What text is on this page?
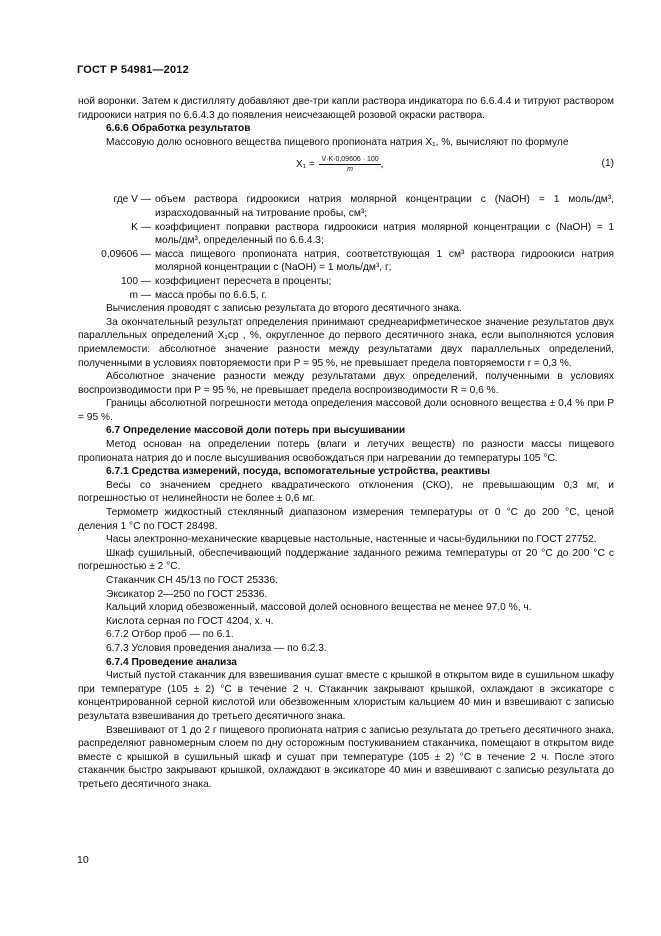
ГОСТ Р 54981—2012

ной воронки. Затем к дистилляту добавляют две-три капли раствора индикатора по 6.6.4.4 и титруют раствором гидроокиси натрия по 6.6.4.3 до появления неисчезающей розовой окраски раствора.

6.6.6 Обработка результатов

Массовую долю основного вещества пищевого пропионата натрия X₁, %, вычисляют по формуле

$X_1 = \frac{V\cdot K\cdot 0,09606 \cdot 100}{m}$ ,	(1)
где V — объем раствора гидроокиси натрия молярной концентрации c (NaOH) = 1 моль/дм³, израсходованный на титрование пробы, см³;
K — коэффициент поправки раствора гидроокиси натрия молярной концентрации c (NaOH) = 1 моль/дм³, определенный по 6.6.4.3;
0,09606 — масса пищевого пропионата натрия, соответствующая 1 см³ раствора гидроокиси натрия молярной концентрации c (NaOH) = 1 моль/дм³, г;
100 — коэффициент пересчета в проценты;
m — масса пробы по 6.6.5, г.

Вычисления проводят с записью результата до второго десятичного знака.

За окончательный результат определения принимают среднеарифметическое значение результатов двух параллельных определений X₁ср , %, округленное до первого десятичного знака, если выполняются условия приемлемости: абсолютное значение разности между результатами двух параллельных определений, полученными в условиях повторяемости при P = 95 %, не превышает предела повторяемости r = 0,3 %.

Абсолютное значение разности между результатами двух определений, полученными в условиях воспроизводимости при P = 95 %, не превышает предела воспроизводимости R = 0,6 %.

Границы абсолютной погрешности метода определения массовой доли основного вещества ± 0,4 % при P = 95 %.

6.7 Определение массовой доли потерь при высушивании

Метод основан на определении потерь (влаги и летучих веществ) по разности массы пищевого пропионата натрия до и после высушивания освобождаться при нагревании до температуры 105 °С.

6.7.1 Средства измерений, посуда, вспомогательные устройства, реактивы

Весы со значением среднего квадратического отклонения (СКО), не превышающим 0,3 мг, и погрешностью от нелинейности не более ± 0,6 мг.

Термометр жидкостный стеклянный диапазоном измерения температуры от 0 °С до 200 °С, ценой деления 1 °С по ГОСТ 28498.

Часы электронно-механические кварцевые настольные, настенные и часы-будильники по ГОСТ 27752.

Шкаф сушильный, обеспечивающий поддержание заданного режима температуры от 20 °С до 200 °С с погрешностью ± 2 °С.

Стаканчик СН 45/13 по ГОСТ 25336.

Эксикатор 2—250 по ГОСТ 25336.

Кальций хлорид обезвоженный, массовой долей основного вещества не менее 97,0 %, ч.

Кислота серная по ГОСТ 4204, х. ч.

6.7.2 Отбор проб — по 6.1.

6.7.3 Условия проведения анализа — по 6.2.3.

6.7.4 Проведение анализа

Чистый пустой стаканчик для взвешивания сушат вместе с крышкой в открытом виде в сушильном шкафу при температуре (105 ± 2) °С в течение 2 ч. Стаканчик закрывают крышкой, охлаждают в эксикаторе с концентрированной серной кислотой или обезвоженным хлористым кальцием 40 мин и взвешивают с записью результата взвешивания до третьего десятичного знака.

Взвешивают от 1 до 2 г пищевого пропионата натрия с записью результата до третьего десятичного знака, распределяют равномерным слоем по дну осторожным постукиванием стаканчика, помещают в открытом виде вместе с крышкой в сушильный шкаф и сушат при температуре (105 ± 2) °С в течение 2 ч. После этого стаканчик быстро закрывают крышкой, охлаждают в эксикаторе 40 мин и взвешивают с записью результата до третьего десятичного знака.

10
